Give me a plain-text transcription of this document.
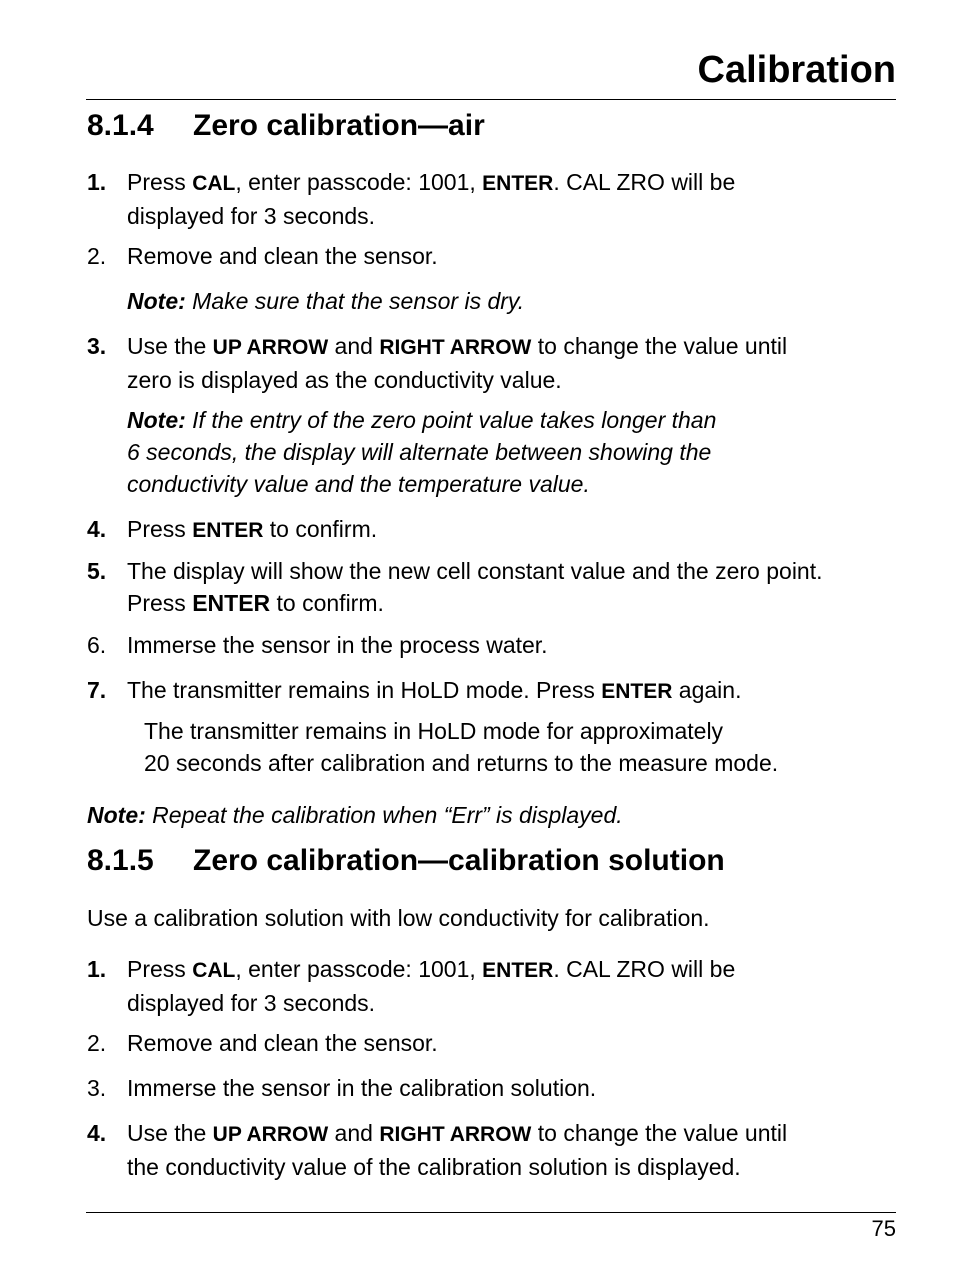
Calibration
8.1.4 Zero calibration—air
1. Press CAL, enter passcode: 1001, ENTER. CAL ZRO will be
displayed for 3 seconds.
2. Remove and clean the sensor.
Note: Make sure that the sensor is dry.
3. Use the UP ARROW and RIGHT ARROW to change the value until
zero is displayed as the conductivity value.
Note: If the entry of the zero point value takes longer than
6 seconds, the display will alternate between showing the
conductivity value and the temperature value.
4. Press ENTER to confirm.
5. The display will show the new cell constant value and the zero point.
Press ENTER to confirm.
6. Immerse the sensor in the process water.
7. The transmitter remains in HoLD mode. Press ENTER again.
The transmitter remains in HoLD mode for approximately
20 seconds after calibration and returns to the measure mode.
Note: Repeat the calibration when “Err” is displayed.
8.1.5 Zero calibration—calibration solution

Use a calibration solution with low conductivity for calibration.

1. Press CAL, enter passcode: 1001, ENTER. CAL ZRO will be
displayed for 3 seconds.
2. Remove and clean the sensor.
3. Immerse the sensor in the calibration solution.
4. Use the UP ARROW and RIGHT ARROW to change the value until
the conductivity value of the calibration solution is displayed.
75
